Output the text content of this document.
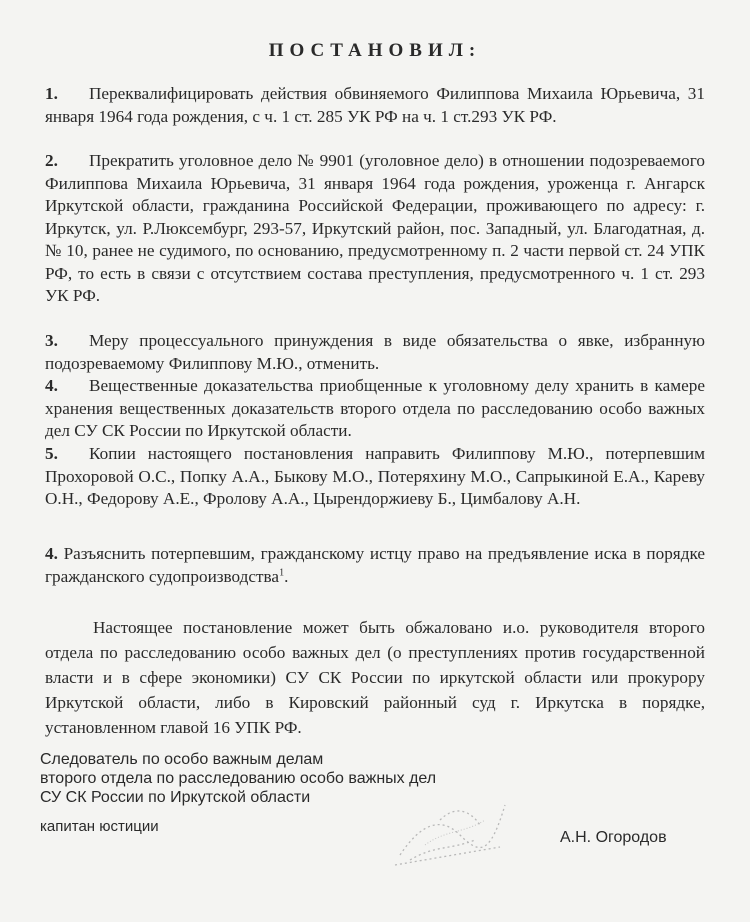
ПОСТАНОВИЛ:
1. Переквалифицировать действия обвиняемого Филиппова Михаила Юрьевича, 31 января 1964 года рождения, с ч. 1 ст. 285 УК РФ на ч. 1 ст.293 УК РФ.
2. Прекратить уголовное дело № 9901 (уголовное дело) в отношении подозреваемого Филиппова Михаила Юрьевича, 31 января 1964 года рождения, уроженца г. Ангарск Иркутской области, гражданина Российской Федерации, проживающего по адресу: г. Иркутск, ул. Р.Люксембург, 293-57, Иркутский район, пос. Западный, ул. Благодатная, д. № 10, ранее не судимого, по основанию, предусмотренному п. 2 части первой ст. 24 УПК РФ, то есть в связи с отсутствием состава преступления, предусмотренного ч. 1 ст. 293 УК РФ.
3. Меру процессуального принуждения в виде обязательства о явке, избранную подозреваемому Филиппову М.Ю., отменить.
4. Вещественные доказательства приобщенные к уголовному делу хранить в камере хранения вещественных доказательств второго отдела по расследованию особо важных дел СУ СК России по Иркутской области.
5. Копии настоящего постановления направить Филиппову М.Ю., потерпевшим Прохоровой О.С., Попку А.А., Быкову М.О., Потеряхину М.О., Сапрыкиной Е.А., Кареву О.Н., Федорову А.Е., Фролову А.А., Цырендоржиеву Б., Цимбалову А.Н.
4. Разъяснить потерпевшим, гражданскому истцу право на предъявление иска в порядке гражданского судопроизводства$^1$.
Настоящее постановление может быть обжаловано и.о. руководителя второго отдела по расследованию особо важных дел (о преступлениях против государственной власти и в сфере экономики) СУ СК России по иркутской области или прокурору Иркутской области, либо в Кировский районный суд г. Иркутска в порядке, установленном главой 16 УПК РФ.
Следователь по особо важным делам
второго отдела по расследованию особо важных дел
СУ СК России по Иркутской области
капитан юстиции
А.Н. Огородов
